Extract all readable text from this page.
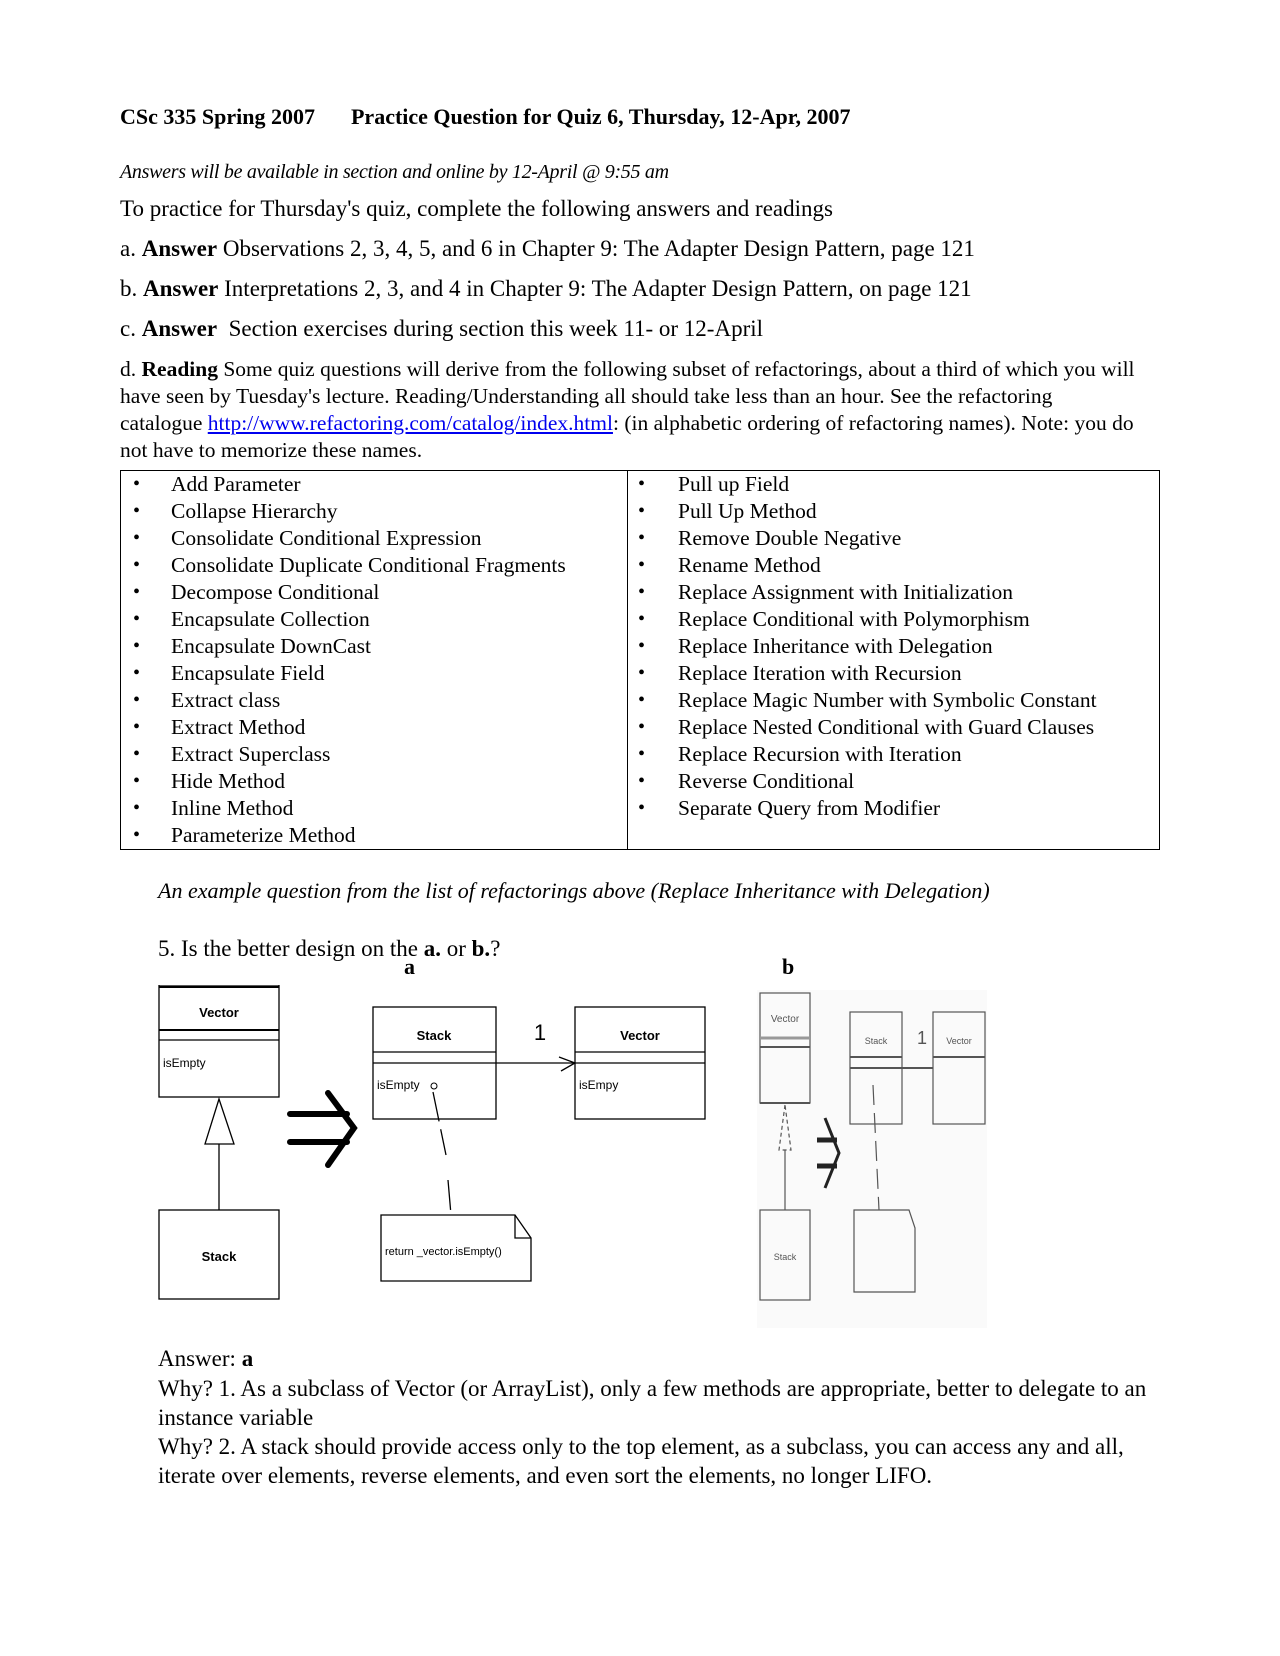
CSc 335 Spring 2007 Practice Question for Quiz 6, Thursday, 12-Apr, 2007
Answers will be available in section and online by 12-April @ 9:55 am
To practice for Thursday's quiz, complete the following answers and readings
a. Answer Observations 2, 3, 4, 5, and 6 in Chapter 9: The Adapter Design Pattern, page 121
b. Answer Interpretations 2, 3, and 4 in Chapter 9: The Adapter Design Pattern, on page 121
c. Answer  Section exercises during section this week 11- or 12-April
d. Reading Some quiz questions will derive from the following subset of refactorings, about a third of which you will have seen by Tuesday's lecture. Reading/Understanding all should take less than an hour. See the refactoring catalogue http://www.refactoring.com/catalog/index.html: (in alphabetic ordering of refactoring names). Note: you do not have to memorize these names.
• Add Parameter
• Collapse Hierarchy
• Consolidate Conditional Expression
• Consolidate Duplicate Conditional Fragments
• Decompose Conditional
• Encapsulate Collection
• Encapsulate DownCast
• Encapsulate Field
• Extract class
• Extract Method
• Extract Superclass
• Hide Method
• Inline Method
• Parameterize Method

• Pull up Field
• Pull Up Method
• Remove Double Negative
• Rename Method
• Replace Assignment with Initialization
• Replace Conditional with Polymorphism
• Replace Inheritance with Delegation
• Replace Iteration with Recursion
• Replace Magic Number with Symbolic Constant
• Replace Nested Conditional with Guard Clauses
• Replace Recursion with Iteration
• Reverse Conditional
• Separate Query from Modifier
An example question from the list of refactorings above (Replace Inheritance with Delegation)
5. Is the better design on the a. or b.?
a	b
Vector
isEmpty
Stack
Stack
isEmpty
1	Vector
isEmpy
return _vector.isEmpty()
Vector
Stack
Stack 1 Vector
Answer: a
Why? 1. As a subclass of Vector (or ArrayList), only a few methods are appropriate, better to delegate to an instance variable
Why? 2. A stack should provide access only to the top element, as a subclass, you can access any and all, iterate over elements, reverse elements, and even sort the elements, no longer LIFO.
